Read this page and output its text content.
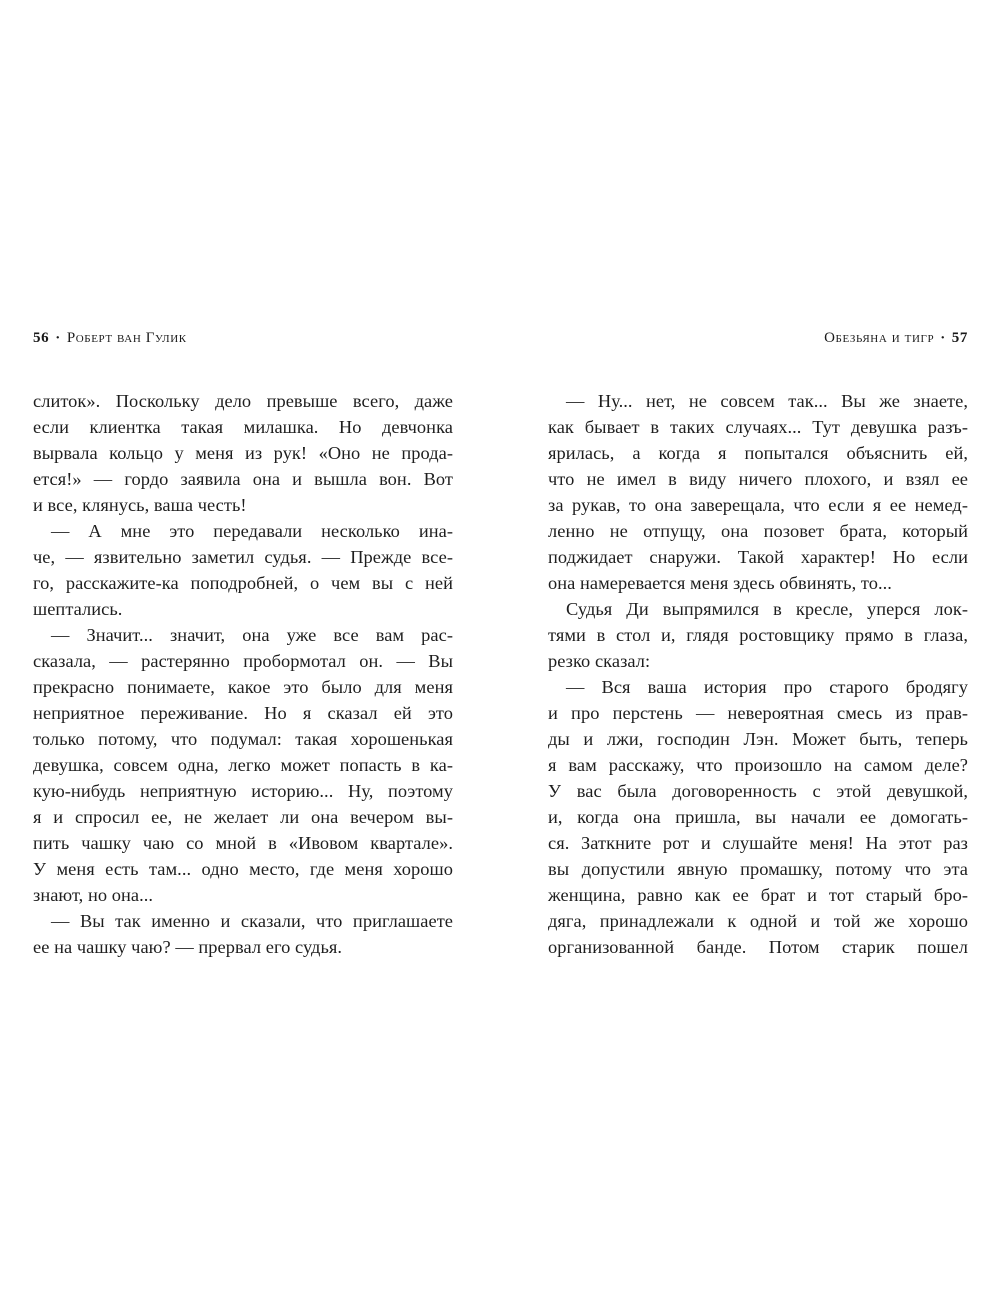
56 · Роберт ван Гулик
слиток». Поскольку дело превыше всего, даже
если клиентка такая милашка. Но девчонка
вырвала кольцо у меня из рук! «Оно не прода-
ется!» — гордо заявила она и вышла вон. Вот
и все, клянусь, ваша честь!
— А мне это передавали несколько ина-
че, — язвительно заметил судья. — Прежде все-
го, расскажите-ка поподробней, о чем вы с ней
шептались.
— Значит... значит, она уже все вам рас-
сказала, — растерянно пробормотал он. — Вы
прекрасно понимаете, какое это было для меня
неприятное переживание. Но я сказал ей это
только потому, что подумал: такая хорошенькая
девушка, совсем одна, легко может попасть в ка-
кую-нибудь неприятную историю... Ну, поэтому
я и спросил ее, не желает ли она вечером вы-
пить чашку чаю со мной в «Ивовом квартале».
У меня есть там... одно место, где меня хорошо
знают, но она...
— Вы так именно и сказали, что приглашаете
ее на чашку чаю? — прервал его судья.
Обезьяна и тигр · 57
— Ну... нет, не совсем так... Вы же знаете,
как бывает в таких случаях... Тут девушка разъ-
ярилась, а когда я попытался объяснить ей,
что не имел в виду ничего плохого, и взял ее
за рукав, то она заверещала, что если я ее немед-
ленно не отпущу, она позовет брата, который
поджидает снаружи. Такой характер! Но если
она намеревается меня здесь обвинять, то...
Судья Ди выпрямился в кресле, уперся лок-
тями в стол и, глядя ростовщику прямо в глаза,
резко сказал:
— Вся ваша история про старого бродягу
и про перстень — невероятная смесь из прав-
ды и лжи, господин Лэн. Может быть, теперь
я вам расскажу, что произошло на самом деле?
У вас была договоренность с этой девушкой,
и, когда она пришла, вы начали ее домогать-
ся. Заткните рот и слушайте меня! На этот раз
вы допустили явную промашку, потому что эта
женщина, равно как ее брат и тот старый бро-
дяга, принадлежали к одной и той же хорошо
организованной банде. Потом старик пошел
